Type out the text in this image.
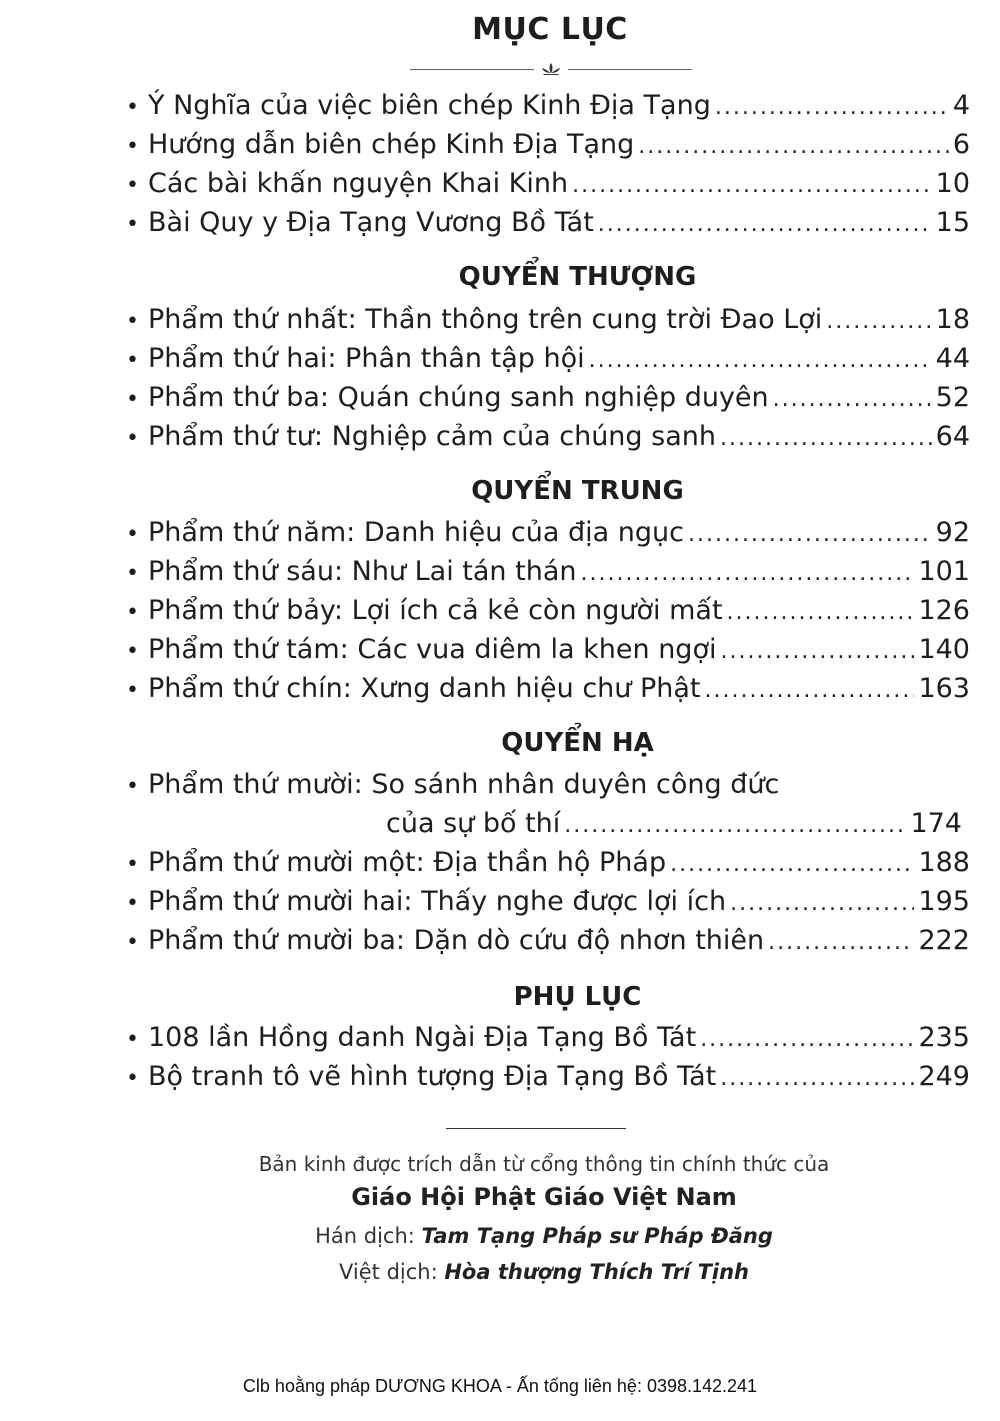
MỤC LỤC
• Ý Nghĩa của việc biên chép Kinh Địa Tạng .....	4
• Hướng dẫn biên chép Kinh Địa Tạng .....	6
• Các bài khấn nguyện Khai Kinh .....	10
• Bài Quy y Địa Tạng Vương Bồ Tát .....	15
QUYỂN THƯỢNG
• Phẩm thứ nhất: Thần thông trên cung trời Đao Lợi .....	18
• Phẩm thứ hai: Phân thân tập hội .....	44
• Phẩm thứ ba: Quán chúng sanh nghiệp duyên .....	52
• Phẩm thứ tư: Nghiệp cảm của chúng sanh .....	64
QUYỂN TRUNG
• Phẩm thứ năm: Danh hiệu của địa ngục .....	92
• Phẩm thứ sáu: Như Lai tán thán .....	101
• Phẩm thứ bảy: Lợi ích cả kẻ còn người mất .....	126
• Phẩm thứ tám: Các vua diêm la khen ngợi .....	140
• Phẩm thứ chín: Xưng danh hiệu chư Phật .....	163
QUYỂN HẠ
• Phẩm thứ mười: So sánh nhân duyên công đức
của sự bố thí .....	174
• Phẩm thứ mười một: Địa thần hộ Pháp .....	188
• Phẩm thứ mười hai: Thấy nghe được lợi ích .....	195
• Phẩm thứ mười ba: Dặn dò cứu độ nhơn thiên .....	222
PHỤ LỤC
• 108 lần Hồng danh Ngài Địa Tạng Bồ Tát .....	235
• Bộ tranh tô vẽ hình tượng Địa Tạng Bồ Tát .....	249
Bản kinh được trích dẫn từ cổng thông tin chính thức của
Giáo Hội Phật Giáo Việt Nam
Hán dịch: Tam Tạng Pháp sư Pháp Đăng
Việt dịch: Hòa thượng Thích Trí Tịnh
Clb hoằng pháp DƯƠNG KHOA - Ấn tống liên hệ: 0398.142.241
